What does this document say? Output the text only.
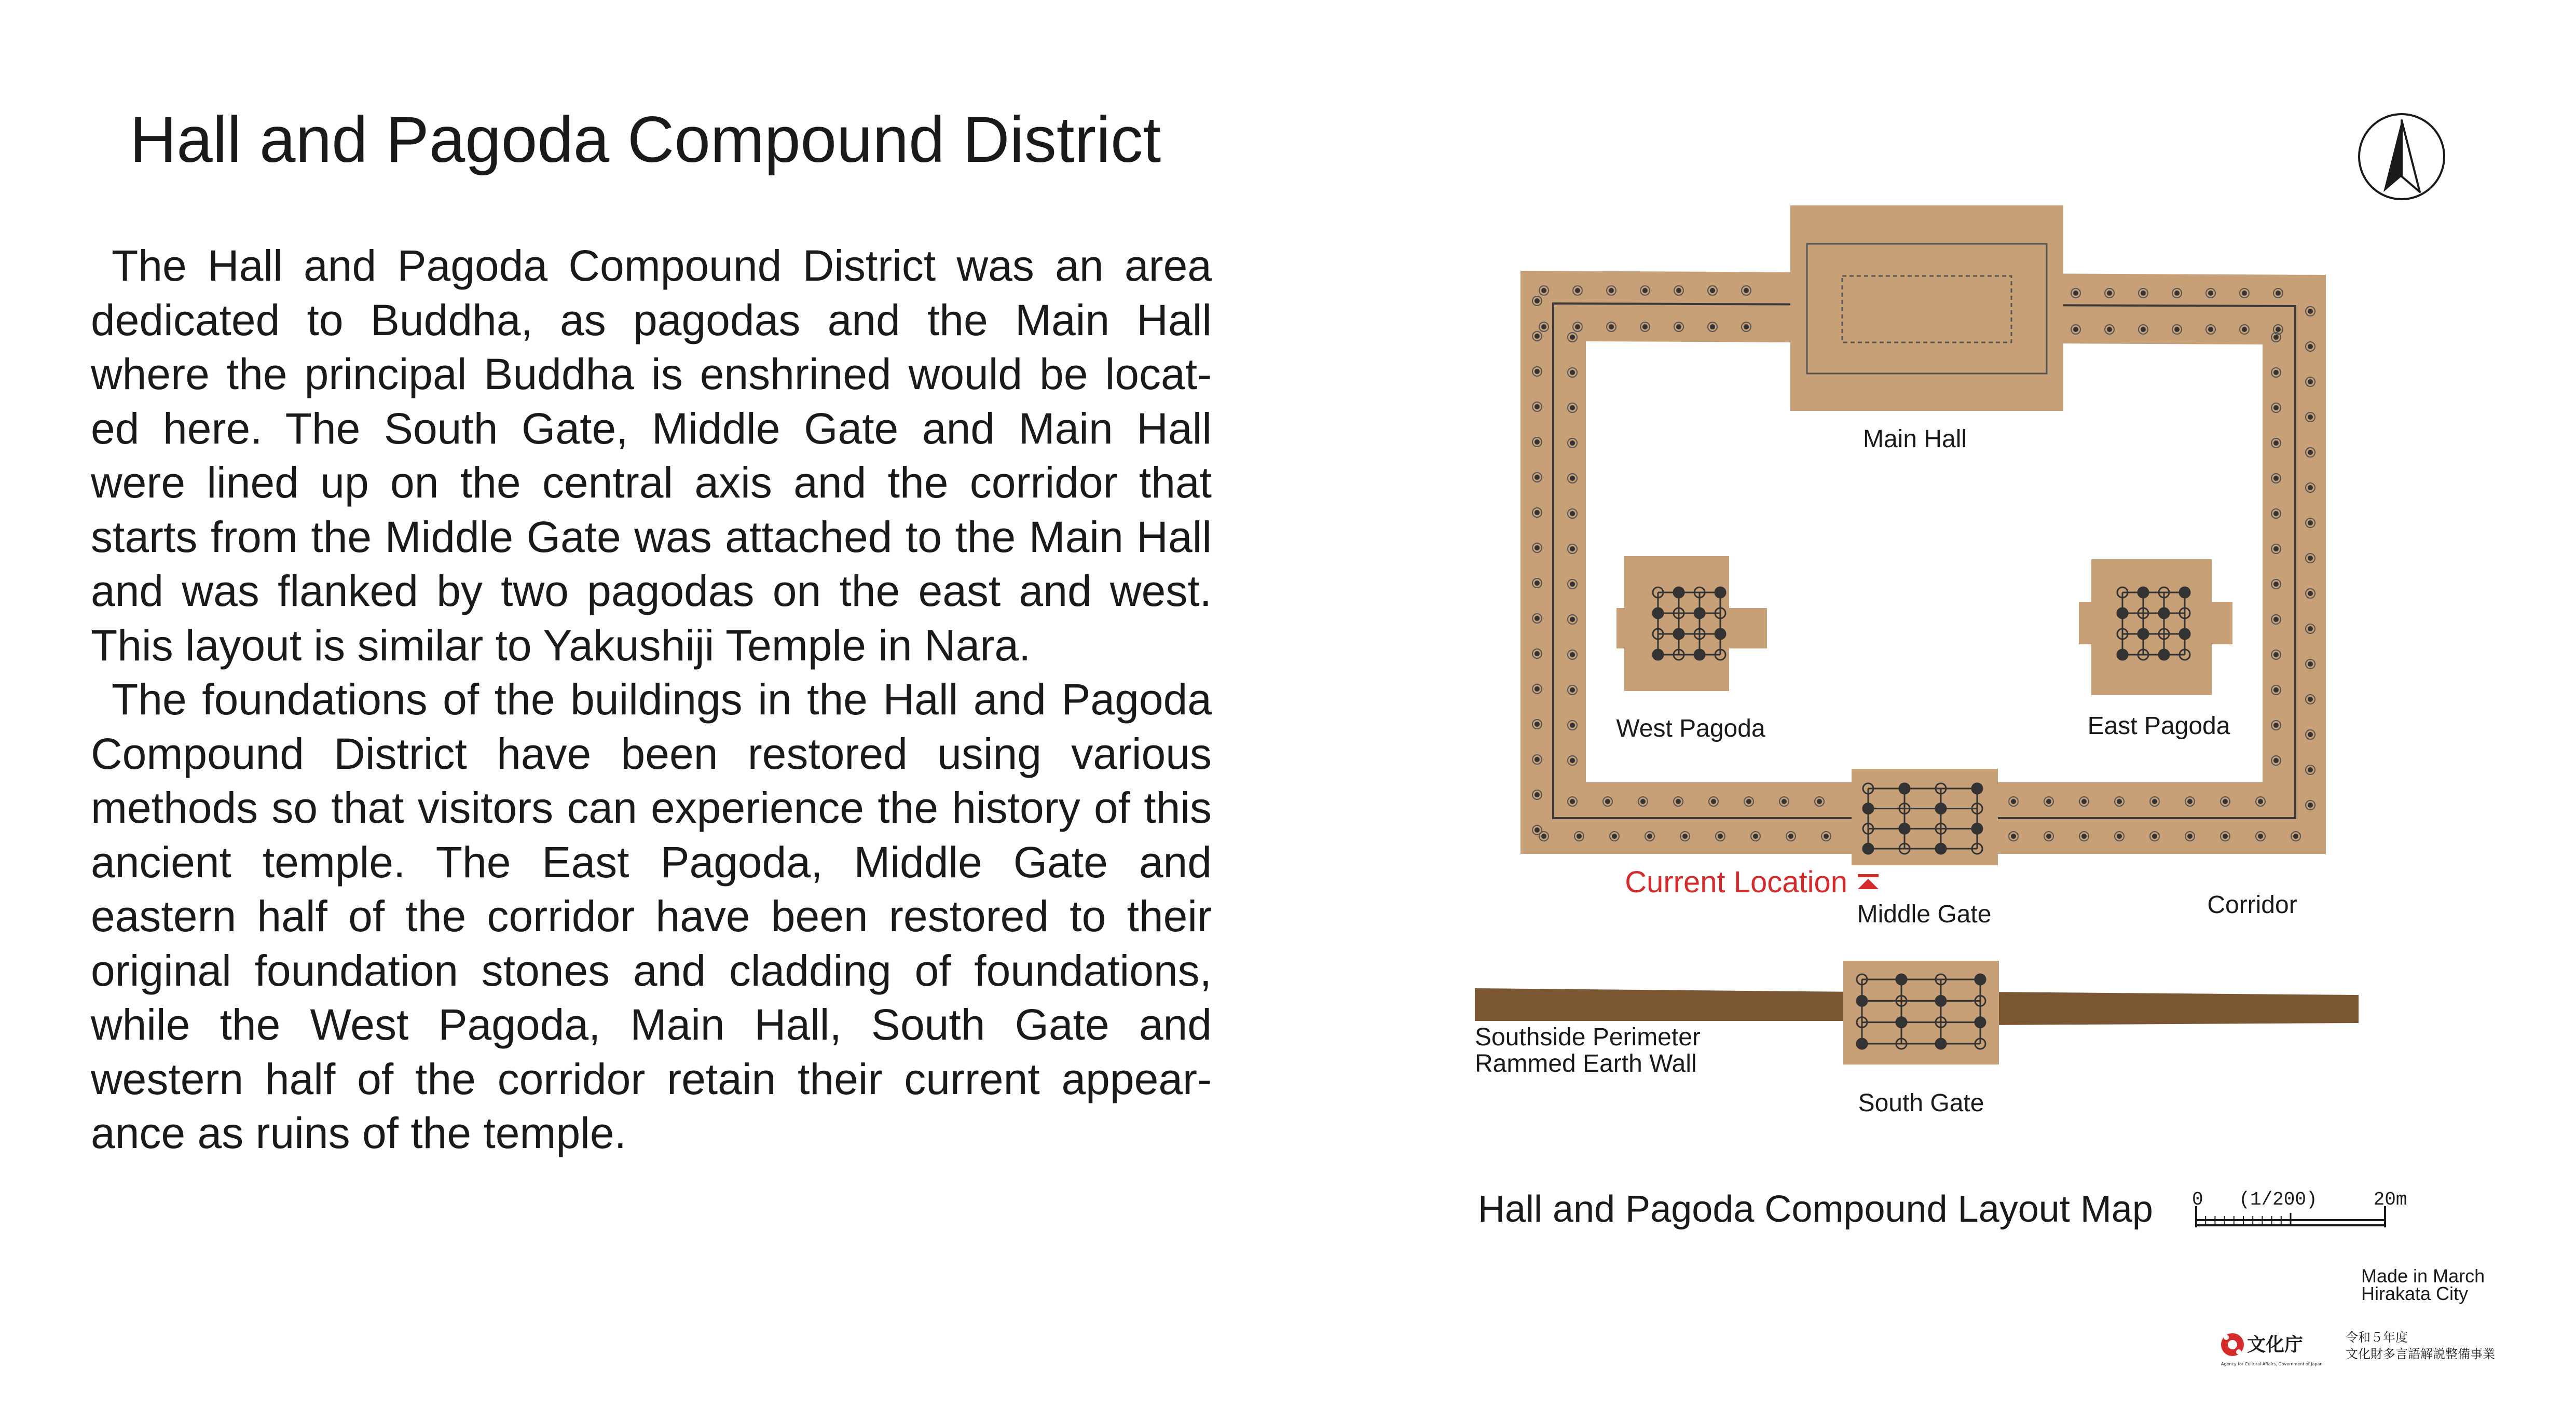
Hall and Pagoda Compound District

The Hall and Pagoda Compound District was an area dedicated to Buddha, as pagodas and the Main Hall where the principal Buddha is enshrined would be locat-ed here. The South Gate, Middle Gate and Main Hall were lined up on the central axis and the corridor that starts from the Middle Gate was attached to the Main Hall and was flanked by two pagodas on the east and west. This layout is similar to Yakushiji Temple in Nara.

The foundations of the buildings in the Hall and Pagoda Compound District have been restored using various methods so that visitors can experience the history of this ancient temple. The East Pagoda, Middle Gate and eastern half of the corridor have been restored to their original foundation stones and cladding of foundations, while the West Pagoda, Main Hall, South Gate and western half of the corridor retain their current appear-ance as ruins of the temple.

Main Hall
West Pagoda	East Pagoda
Middle Gate
Current Location
Corridor
Southside Perimeter
Rammed Earth Wall
South Gate
Hall and Pagoda Compound Layout Map 0 (1/200)	20m
Made in March
Hirakata City
文化庁
Agency for Cultural Affairs, Government of Japan
令和５年度
文化財多言語解説整備事業
